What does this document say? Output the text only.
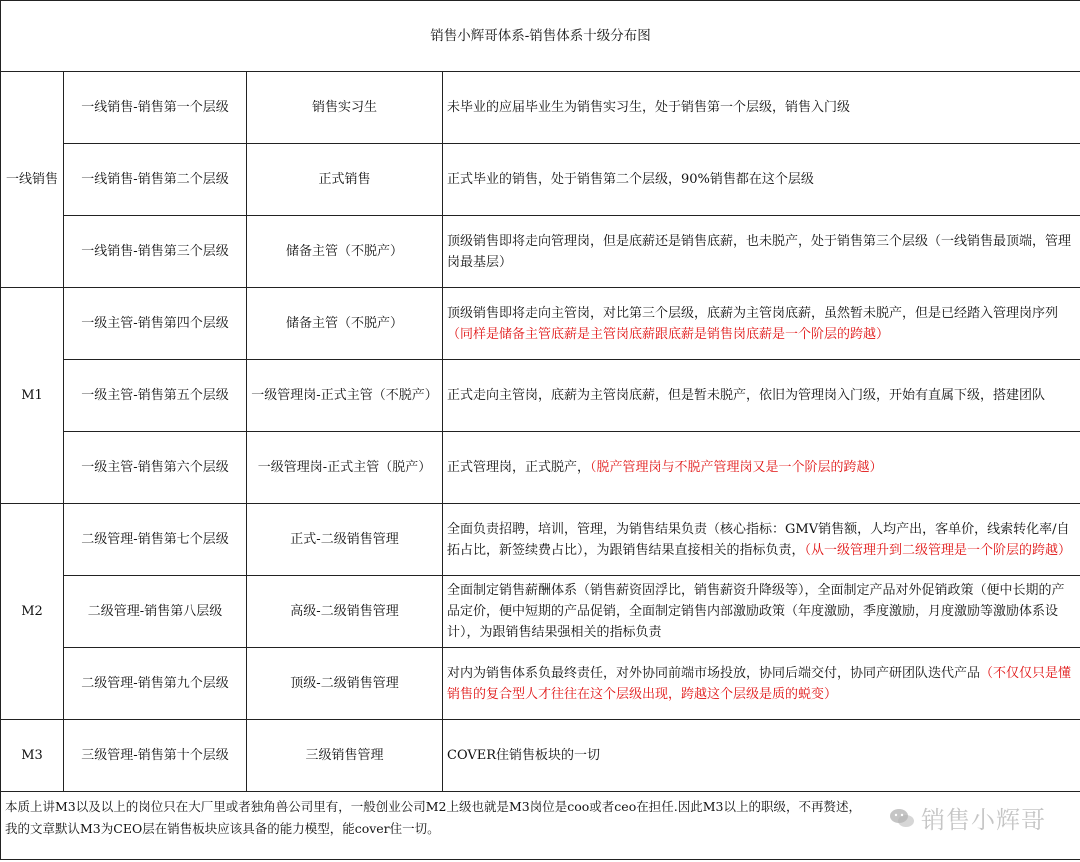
销售小辉哥体系-销售体系十级分布图			
一线销售	一线销售-销售第一个层级	销售实习生	未毕业的应届毕业生为销售实习生，处于销售第一个层级，销售入门级
	一线销售-销售第二个层级	正式销售	正式毕业的销售，处于销售第二个层级，90%销售都在这个层级
	一线销售-销售第三个层级	储备主管（不脱产）	顶级销售即将走向管理岗，但是底薪还是销售底薪，也未脱产，处于销售第三个层级（一线销售最顶端，管理岗最基层）
M1	一级主管-销售第四个层级	储备主管（不脱产）	顶级销售即将走向主管岗，对比第三个层级，底薪为主管岗底薪，虽然暂未脱产，但是已经踏入管理岗序列（同样是储备主管底薪是主管岗底薪跟底薪是销售岗底薪是一个阶层的跨越）
	一级主管-销售第五个层级	一级管理岗-正式主管（不脱产）	正式走向主管岗，底薪为主管岗底薪，但是暂未脱产，依旧为管理岗入门级，开始有直属下级，搭建团队
	一级主管-销售第六个层级	一级管理岗-正式主管（脱产）	正式管理岗，正式脱产，（脱产管理岗与不脱产管理岗又是一个阶层的跨越）
M2	二级管理-销售第七个层级	正式-二级销售管理	全面负责招聘，培训，管理，为销售结果负责（核心指标：GMV销售额，人均产出，客单价，线索转化率/自拓占比，新签续费占比），为跟销售结果直接相关的指标负责，（从一级管理升到二级管理是一个阶层的跨越）
	二级管理-销售第八层级	高级-二级销售管理	全面制定销售薪酬体系（销售薪资固浮比，销售薪资升降级等），全面制定产品对外促销政策（便中长期的产品定价，便中短期的产品促销，全面制定销售内部激励政策（年度激励，季度激励，月度激励等激励体系设计），为跟销售结果强相关的指标负责
	二级管理-销售第九个层级	顶级-二级销售管理	对内为销售体系负最终责任，对外协同前端市场投放，协同后端交付，协同产研团队迭代产品（不仅仅只是懂销售的复合型人才往往在这个层级出现，跨越这个层级是质的蜕变）
M3	三级管理-销售第十个层级	三级销售管理	COVER住销售板块的一切

本质上讲M3以及以上的岗位只在大厂里或者独角兽公司里有，一般创业公司M2上级也就是M3岗位是coo或者ceo在担任.因此M3以上的职级，不再赘述，
我的文章默认M3为CEO层在销售板块应该具备的能力模型，能cover住一切。				销售小辉哥
